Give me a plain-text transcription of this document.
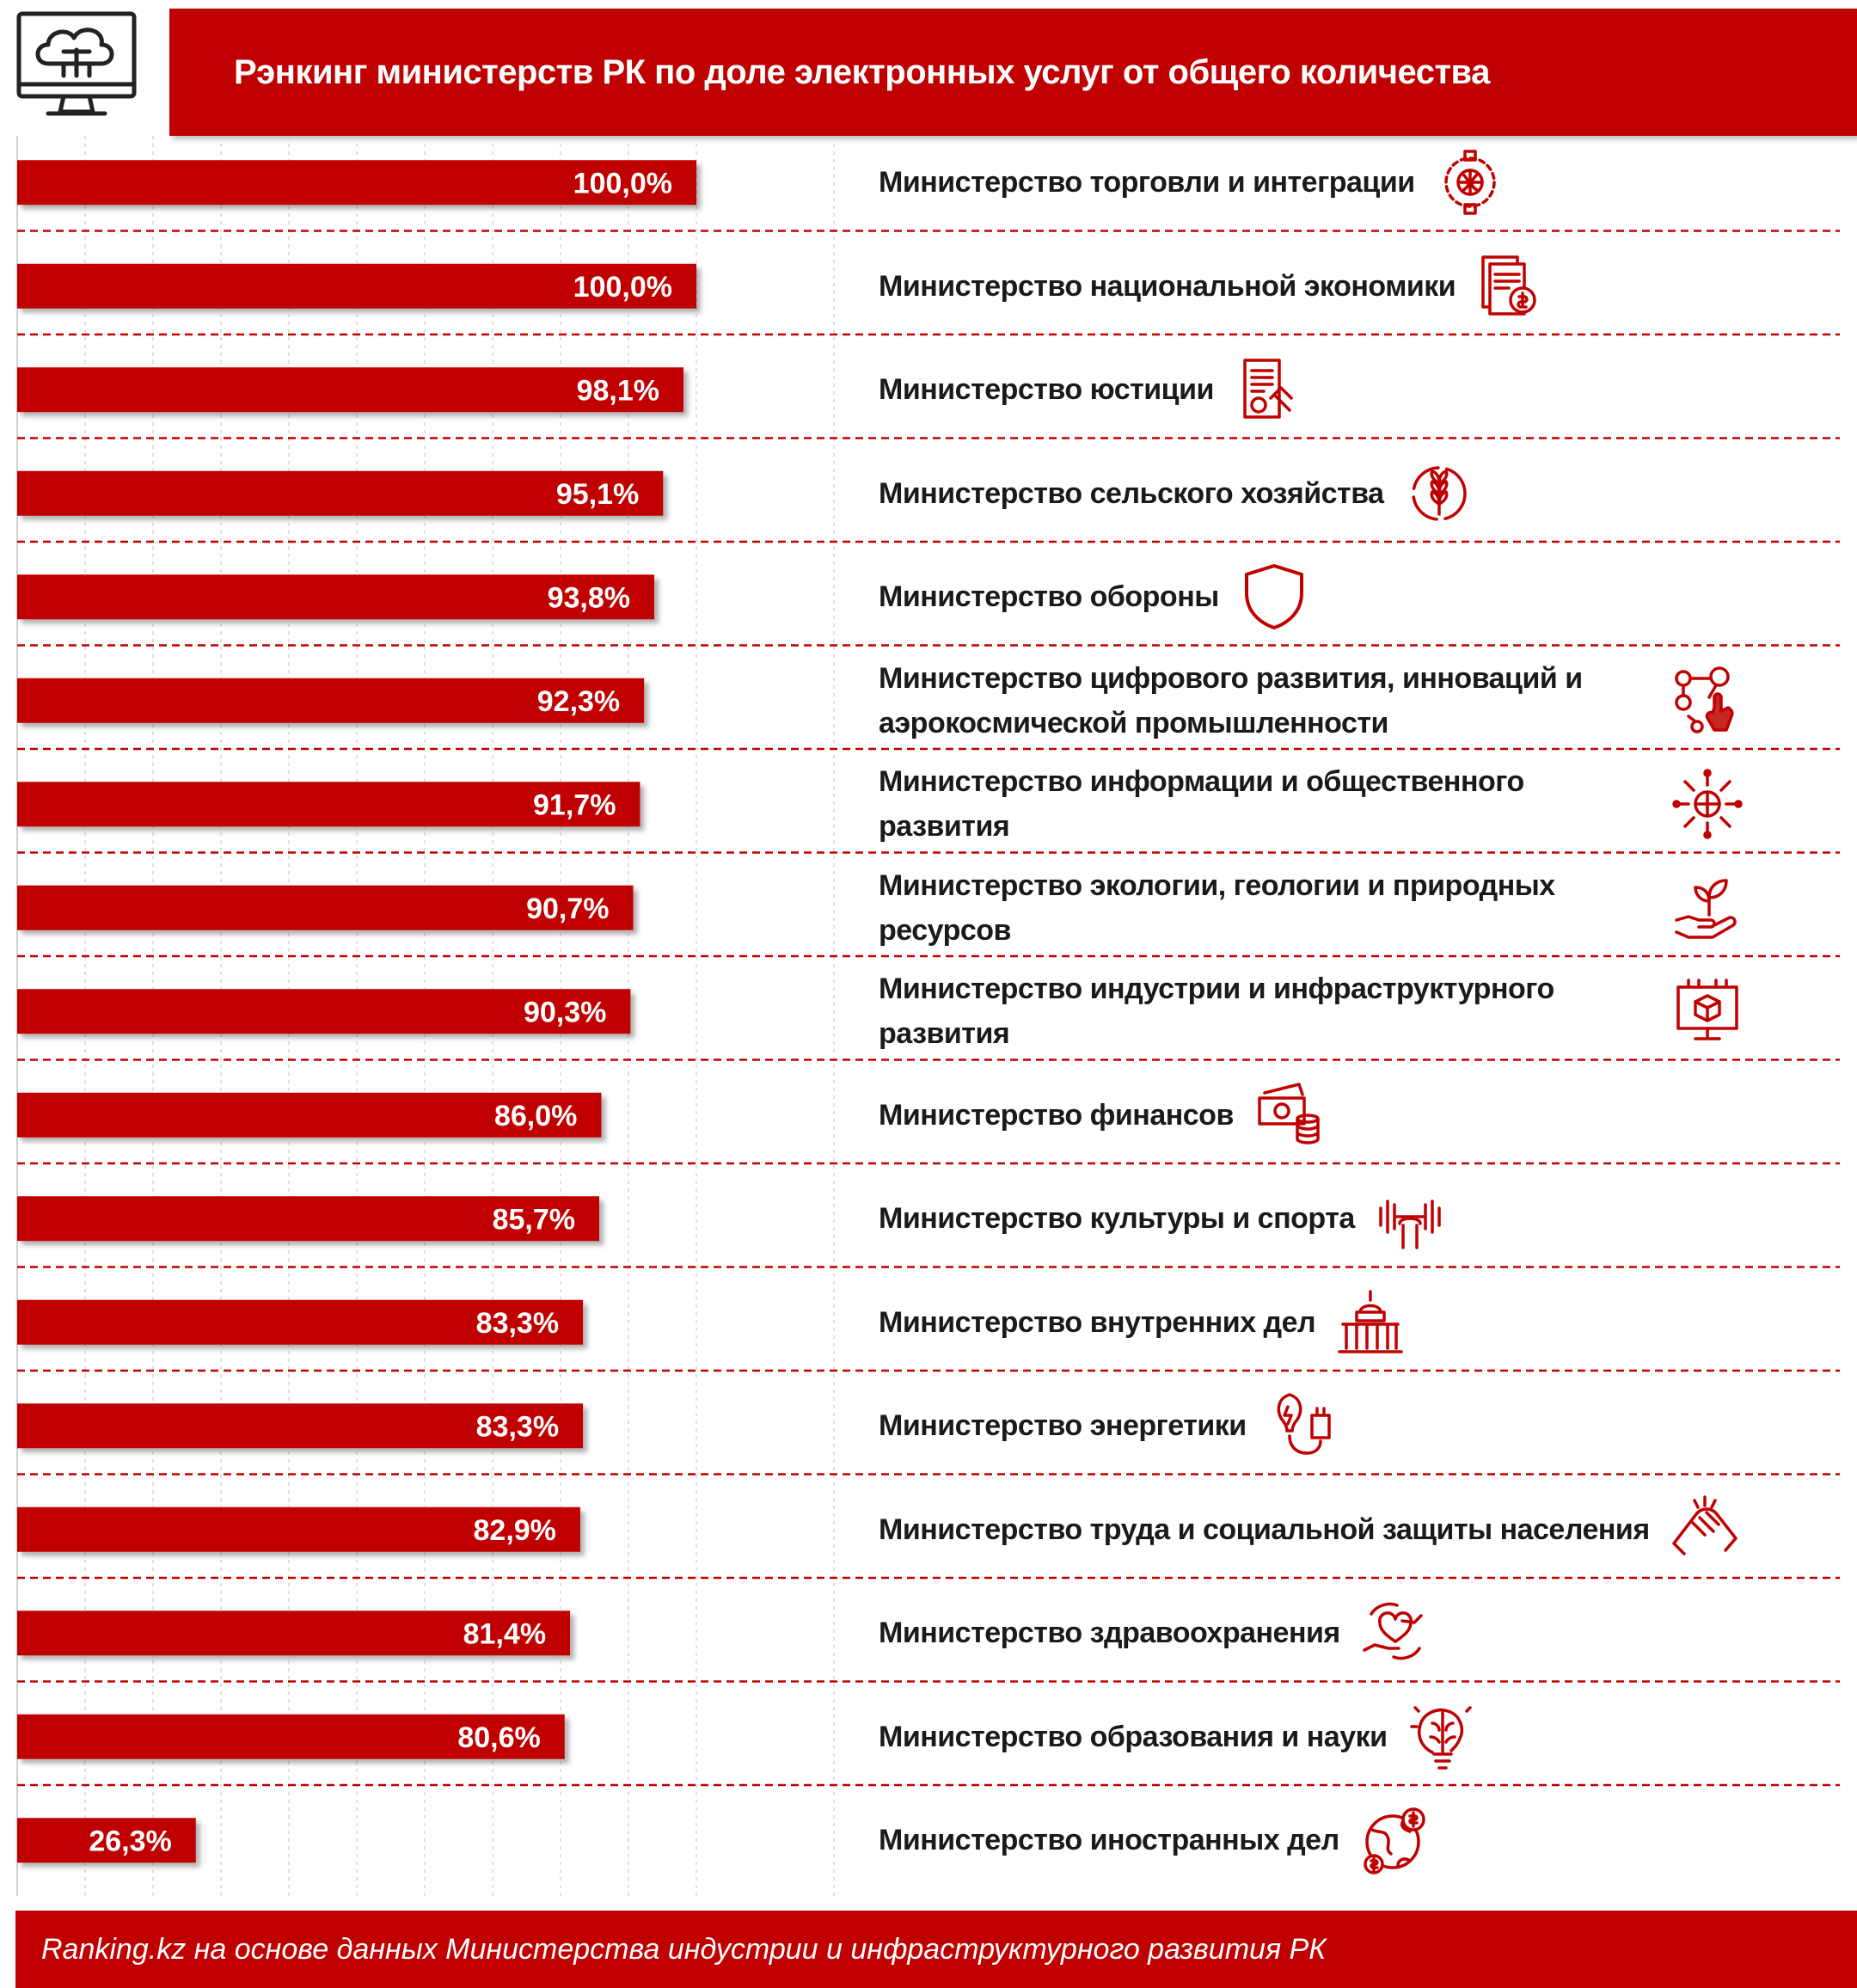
Рэнкинг министерств РК по доле электронных услуг от общего количества
100,0%
100,0%
98,1%
95,1%
93,8%
92,3%
91,7%
90,7%
90,3%
86,0%
85,7%
83,3%
83,3%
82,9%
81,4%
80,6%
26,3%
Министерство торговли и интеграции
Министерство национальной экономики
Министерство юстиции
Министерство сельского хозяйства
Министерство обороны
Министерство цифрового развития, инноваций и аэрокосмической промышленности
Министерство информации и общественного развития
Министерство экологии, геологии и природных ресурсов
Министерство индустрии и инфраструктурного развития
Министерство финансов
Министерство культуры и спорта
Министерство внутренних дел
Министерство энергетики
Министерство труда и социальной защиты населения
Министерство здравоохранения
Министерство образования и науки
Министерство иностранных дел
Ranking.kz на основе данных Министерства индустрии и инфраструктурного развития РК
